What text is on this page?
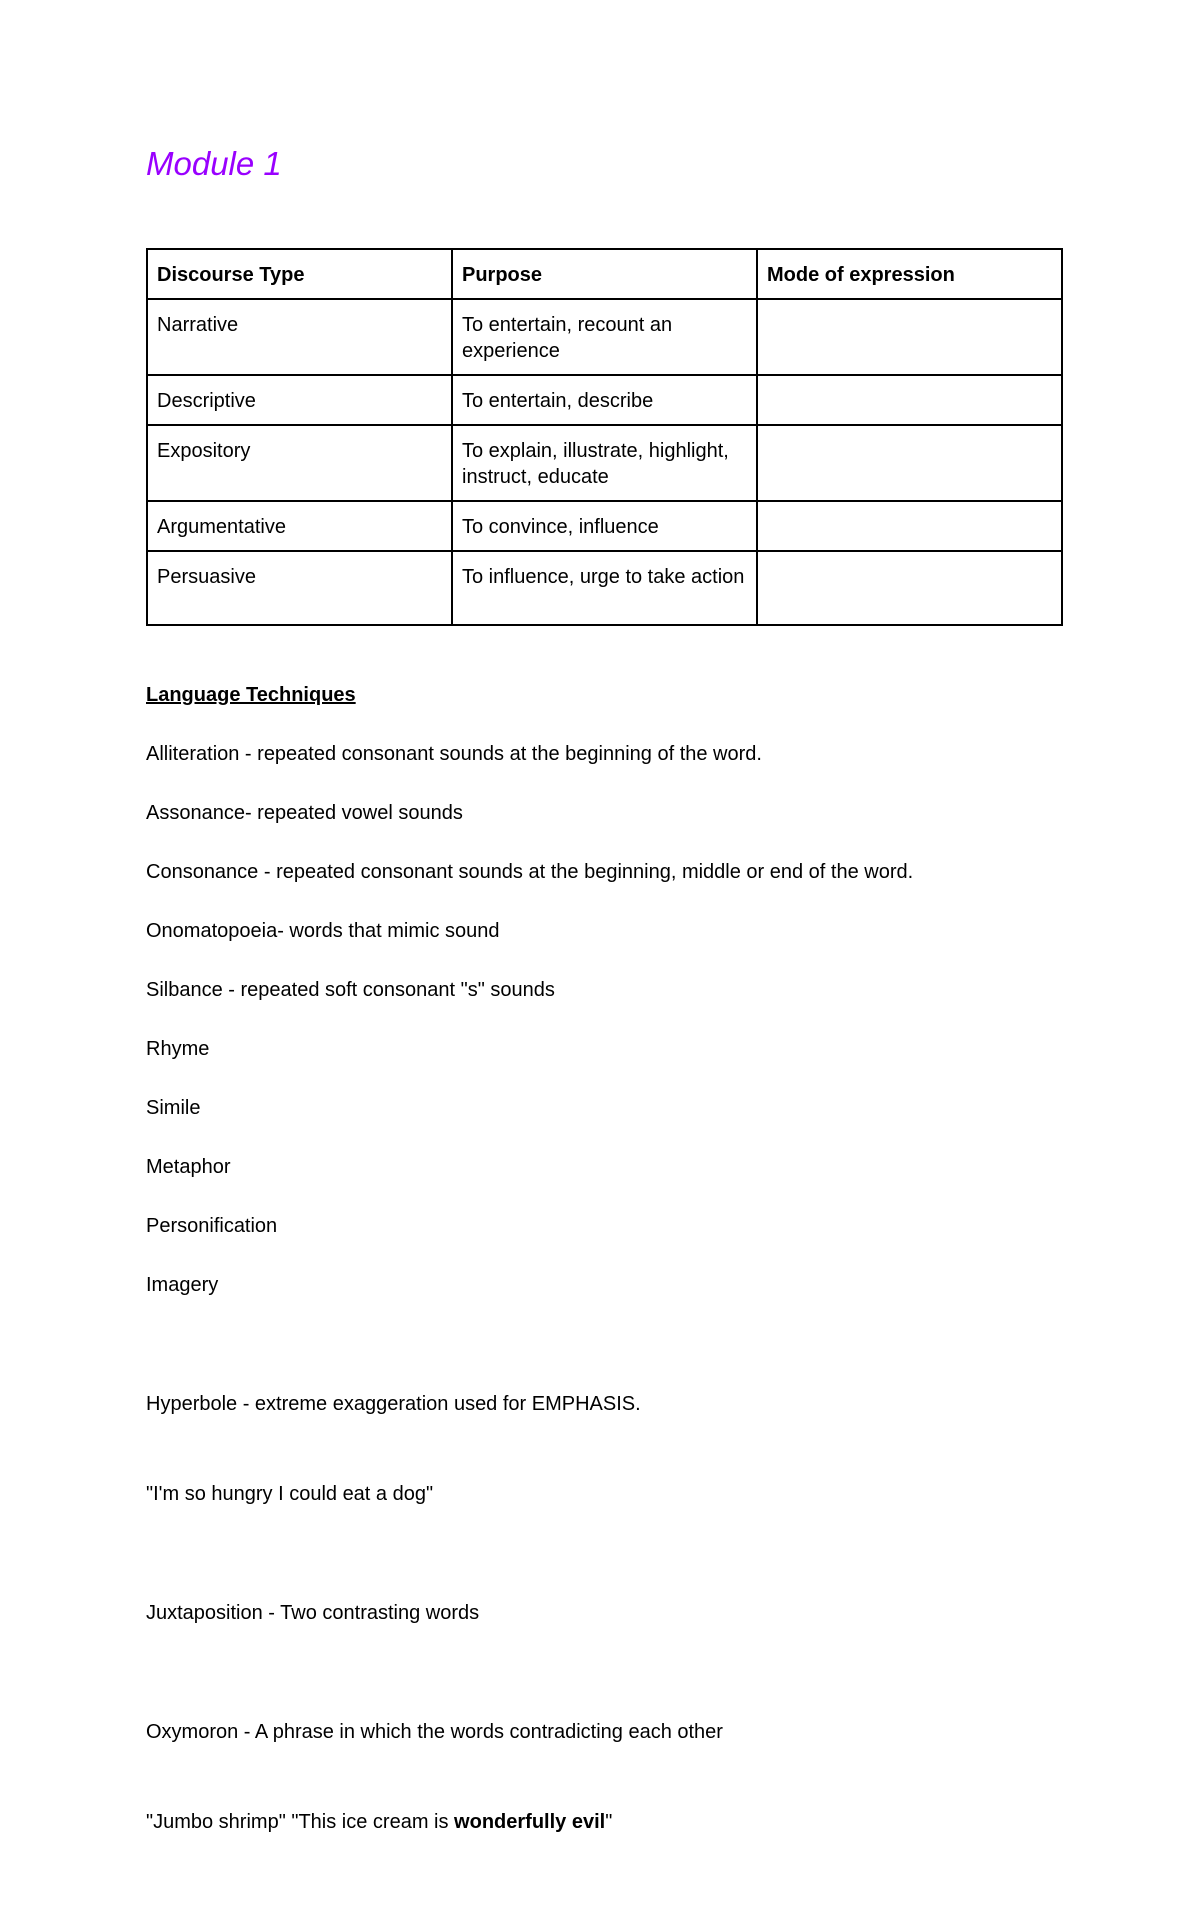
Module 1
Discourse Type	Purpose	Mode of expression
Narrative	To entertain, recount an experience	
Descriptive	To entertain, describe	
Expository	To explain, illustrate, highlight, instruct, educate	
Argumentative	To convince, influence	
Persuasive	To influence, urge to take action	
Language Techniques
Alliteration - repeated consonant sounds at the beginning of the word.
Assonance- repeated vowel sounds
Consonance - repeated consonant sounds at the beginning, middle or end of the word.
Onomatopoeia- words that mimic sound
Silbance - repeated soft consonant "s" sounds
Rhyme
Simile
Metaphor
Personification
Imagery

Hyperbole - extreme exaggeration used for EMPHASIS.

"I'm so hungry I could eat a dog"

Juxtaposition - Two contrasting words

Oxymoron - A phrase in which the words contradicting each other

"Jumbo shrimp" "This ice cream is wonderfully evil"
